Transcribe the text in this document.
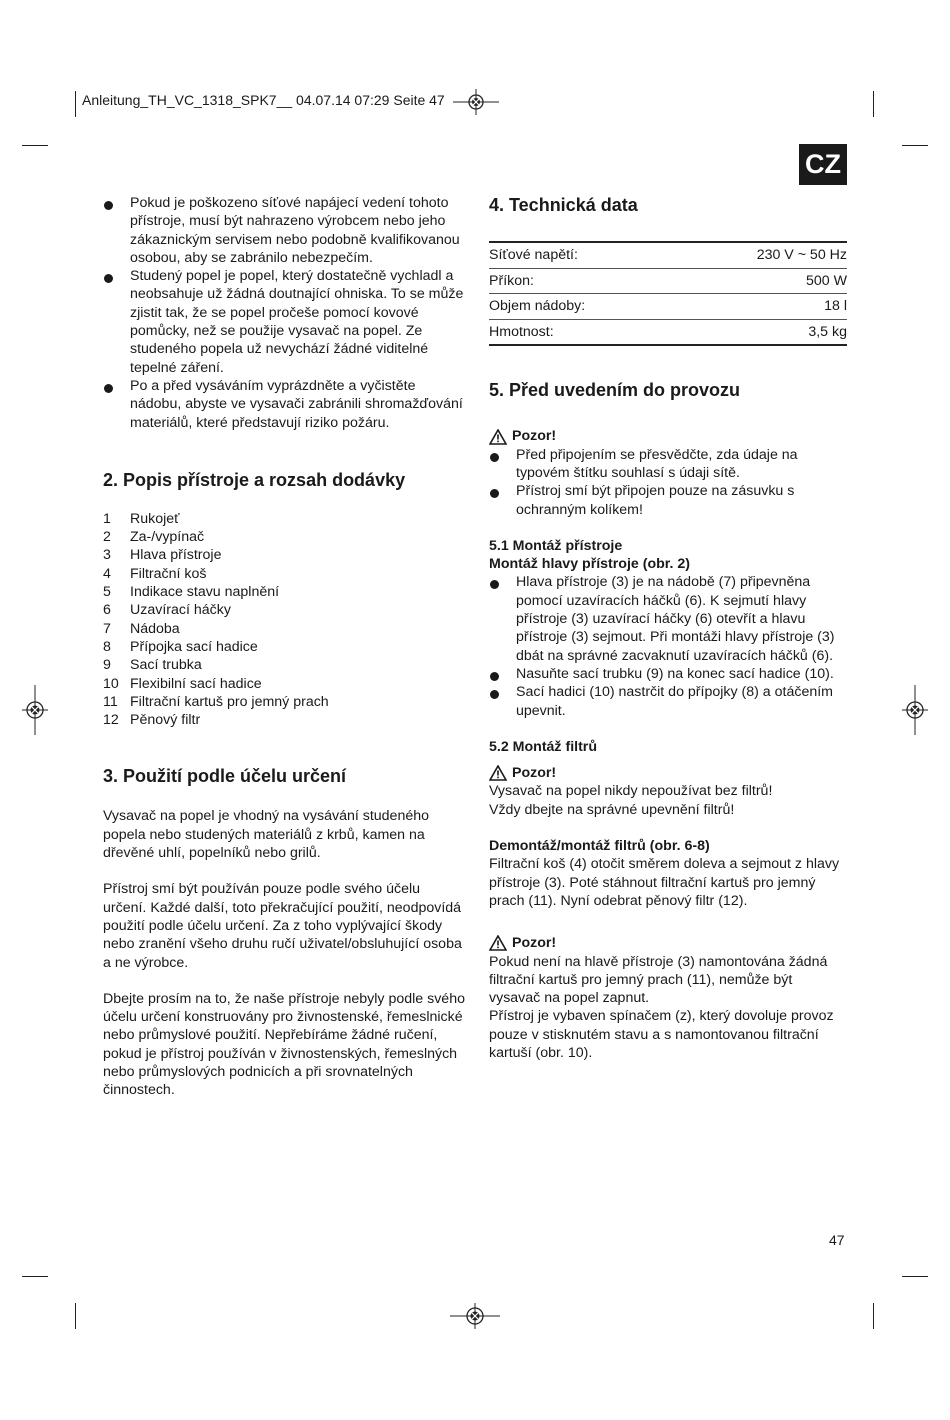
Anleitung_TH_VC_1318_SPK7__ 04.07.14 07:29 Seite 47
CZ
Pokud je poškozeno síťové napájecí vedení tohoto přístroje, musí být nahrazeno výrobcem nebo jeho zákaznickým servisem nebo podobně kvalifikovanou osobou, aby se zabránilo nebezpečím.
Studený popel je popel, který dostatečně vychladl a neobsahuje už žádná doutnající ohniska. To se může zjistit tak, že se popel pročeše pomocí kovové pomůcky, než se použije vysavač na popel. Ze studeného popela už nevychází žádné viditelné tepelné záření.
Po a před vysáváním vyprázdněte a vyčistěte nádobu, abyste ve vysavači zabránili shromažďování materiálů, které představují riziko požáru.
2. Popis přístroje a rozsah dodávky
1	Rukojeť
2	Za-/vypínač
3	Hlava přístroje
4	Filtrační koš
5	Indikace stavu naplnění
6	Uzavírací háčky
7	Nádoba
8	Přípojka sací hadice
9	Sací trubka
10 Flexibilní sací hadice
11 Filtrační kartuš pro jemný prach
12 Pěnový filtr
3. Použití podle účelu určení

Vysavač na popel je vhodný na vysávání studeného popela nebo studených materiálů z krbů, kamen na dřevěné uhlí, popelníků nebo grilů.

Přístroj smí být používán pouze podle svého účelu určení. Každé další, toto překračující použití, neodpovídá použití podle účelu určení. Za z toho vyplývající škody nebo zranění všeho druhu ručí uživatel/obsluhující osoba a ne výrobce.

Dbejte prosím na to, že naše přístroje nebyly podle svého účelu určení konstruovány pro živnostenské, řemeslnické nebo průmyslové použití. Nepřebíráme žádné ručení, pokud je přístroj používán v živnostenských, řemeslných nebo průmyslových podnicích a při srovnatelných činnostech.

4. Technická data
Síťové napětí:	230 V ~ 50 Hz
Příkon:	500 W
Objem nádoby:	18 l
Hmotnost:	3,5 kg
5. Před uvedením do provozu
Pozor!
Před připojením se přesvědčte, zda údaje na typovém štítku souhlasí s údaji sítě.
Přístroj smí být připojen pouze na zásuvku s ochranným kolíkem!

5.1 Montáž přístroje

Montáž hlavy přístroje (obr. 2)

Hlava přístroje (3) je na nádobě (7) připevněna pomocí uzavíracích háčků (6). K sejmutí hlavy přístroje (3) uzavírací háčky (6) otevřít a hlavu přístroje (3) sejmout. Při montáži hlavy přístroje (3) dbát na správné zacvaknutí uzavíracích háčků (6).
Nasuňte sací trubku (9) na konec sací hadice (10).
Sací hadici (10) nastrčit do přípojky (8) a otáčením upevnit.

5.2 Montáž filtrů

Pozor!

Vysavač na popel nikdy nepoužívat bez filtrů! Vždy dbejte na správné upevnění filtrů!

Demontáž/montáž filtrů (obr. 6-8)

Filtrační koš (4) otočit směrem doleva a sejmout z hlavy přístroje (3). Poté stáhnout filtrační kartuš pro jemný prach (11). Nyní odebrat pěnový filtr (12).

Pozor!

Pokud není na hlavě přístroje (3) namontována žádná filtrační kartuš pro jemný prach (11), nemůže být vysavač na popel zapnut.

Přístroj je vybaven spínačem (z), který dovoluje provoz pouze v stisknutém stavu a s namontovanou filtrační kartuší (obr. 10).

47
